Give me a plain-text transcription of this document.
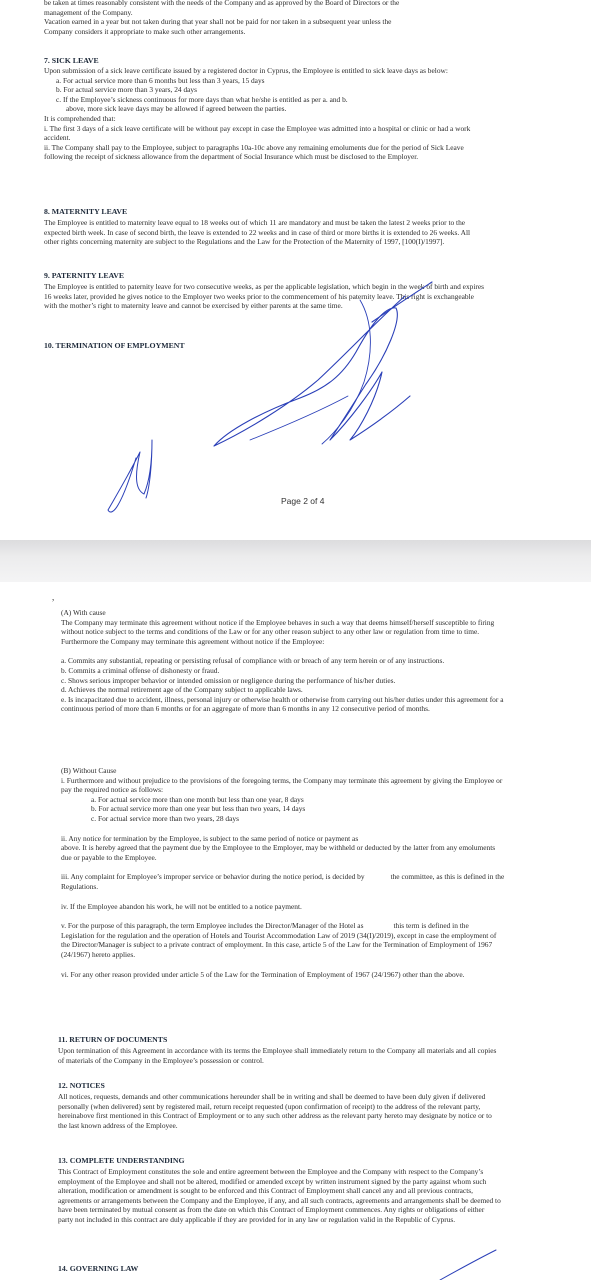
be taken at times reasonably consistent with the needs of the Company and as approved by the Board of Directors or the

management of the Company.

Vacation earned in a year but not taken during that year shall not be paid for nor taken in a subsequent year unless the

Company considers it appropriate to make such other arrangements.

7. SICK LEAVE

Upon submission of a sick leave certificate issued by a registered doctor in Cyprus, the Employee is entitled to sick leave days as below:

a. For actual service more than 6 months but less than 3 years, 15 days

b. For actual service more than 3 years, 24 days

c. If the Employee’s sickness continuous for more days than what he/she is entitled as per a. and b.

above, more sick leave days may be allowed if agreed between the parties.

It is comprehended that:

i. The first 3 days of a sick leave certificate will be without pay except in case the Employee was admitted into a hospital or clinic or had a work

accident.

ii. The Company shall pay to the Employee, subject to paragraphs 10a-10c above any remaining emoluments due for the period of Sick Leave

following the receipt of sickness allowance from the department of Social Insurance which must be disclosed to the Employer.

8. MATERNITY LEAVE

The Employee is entitled to maternity leave equal to 18 weeks out of which 11 are mandatory and must be taken the latest 2 weeks prior to the

expected birth week. In case of second birth, the leave is extended to 22 weeks and in case of third or more births it is extended to 26 weeks. All

other rights concerning maternity are subject to the Regulations and the Law for the Protection of the Maternity of 1997, [100(I)/1997].

9. PATERNITY LEAVE

The Employee is entitled to paternity leave for two consecutive weeks, as per the applicable legislation, which begin in the week of birth and expires

16 weeks later, provided he gives notice to the Employer two weeks prior to the commencement of his paternity leave. This right is exchangeable

with the mother’s right to maternity leave and cannot be exercised by either parents at the same time.

10. TERMINATION OF EMPLOYMENT
Page 2 of 4
,

(A) With cause

The Company may terminate this agreement without notice if the Employee behaves in such a way that deems himself/herself susceptible to firing

without notice subject to the terms and conditions of the Law or for any other reason subject to any other law or regulation from time to time.

Furthermore the Company may terminate this agreement without notice if the Employee:

a. Commits any substantial, repeating or persisting refusal of compliance with or breach of any term herein or of any instructions.

b. Commits a criminal offense of dishonesty or fraud.

c. Shows serious improper behavior or intended omission or negligence during the performance of his/her duties.

d. Achieves the normal retirement age of the Company subject to applicable laws.

e. Is incapacitated due to accident, illness, personal injury or otherwise health or otherwise from carrying out his/her duties under this agreement for a

continuous period of more than 6 months or for an aggregate of more than 6 months in any 12 consecutive period of months.

(B) Without Cause

i. Furthermore and without prejudice to the provisions of the foregoing terms, the Company may terminate this agreement by giving the Employee or

pay the required notice as follows:

a. For actual service more than one month but less than one year, 8 days

b. For actual service more than one year but less than two years, 14 days

c. For actual service more than two years, 28 days

ii. Any notice for termination by the Employee, is subject to the same period of notice or payment as

above. It is hereby agreed that the payment due by the Employee to the Employer, may be withheld or deducted by the latter from any emoluments

due or payable to the Employee.

iii. Any complaint for Employee’s improper service or behavior during the notice period, is decided by	the committee, as this is defined in the

Regulations.

iv. If the Employee abandon his work, he will not be entitled to a notice payment.

v. For the purpose of this paragraph, the term Employee includes the Director/Manager of the Hotel as	this term is defined in the

Legislation for the regulation and the operation of Hotels and Tourist Accommodation Law of 2019 (34(I)/2019), except in case the employment of

the Director/Manager is subject to a private contract of employment. In this case, article 5 of the Law for the Termination of Employment of 1967

(24/1967) hereto applies.

vi. For any other reason provided under article 5 of the Law for the Termination of Employment of 1967 (24/1967) other than the above.

11. RETURN OF DOCUMENTS

Upon termination of this Agreement in accordance with its terms the Employee shall immediately return to the Company all materials and all copies

of materials of the Company in the Employee’s possession or control.

12. NOTICES

All notices, requests, demands and other communications hereunder shall be in writing and shall be deemed to have been duly given if delivered

personally (when delivered) sent by registered mail, return receipt requested (upon confirmation of receipt) to the address of the relevant party,

hereinabove first mentioned in this Contract of Employment or to any such other address as the relevant party hereto may designate by notice or to

the last known address of the Employee.

13. COMPLETE UNDERSTANDING

This Contract of Employment constitutes the sole and entire agreement between the Employee and the Company with respect to the Company’s

employment of the Employee and shall not be altered, modified or amended except by written instrument signed by the party against whom such

alteration, modification or amendment is sought to be enforced and this Contract of Employment shall cancel any and all previous contracts,

agreements or arrangements between the Company and the Employee, if any, and all such contracts, agreements and arrangements shall be deemed to

have been terminated by mutual consent as from the date on which this Contract of Employment commences. Any rights or obligations of either

party not included in this contract are duly applicable if they are provided for in any law or regulation valid in the Republic of Cyprus.

14. GOVERNING LAW
